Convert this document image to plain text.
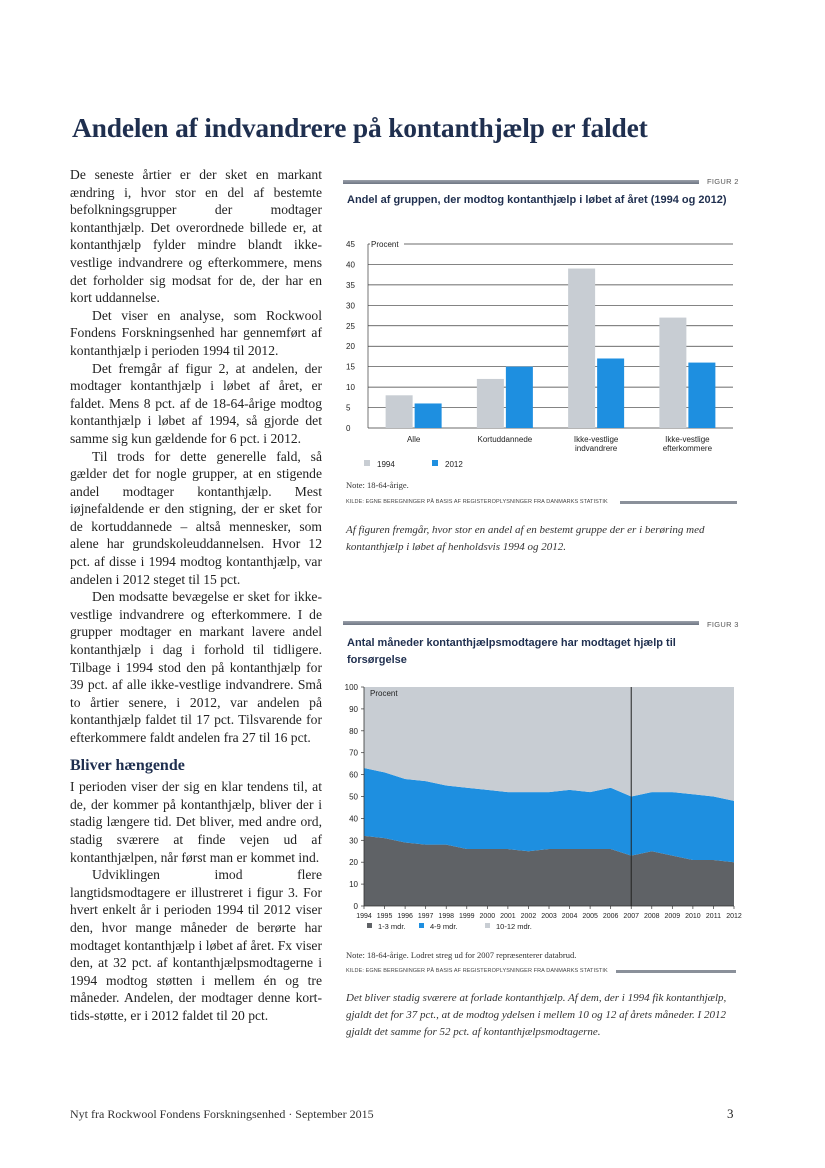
Andelen af indvandrere på kontanthjælp er faldet

De seneste årtier er der sket en markant ændring i, hvor stor en del af bestemte befolkningsgrupper der modtager kontanthjælp. Det overordnede billede er, at kontanthjælp fylder mindre blandt ikke-vestlige indvandrere og efterkommere, mens det forholder sig modsat for de, der har en kort uddannelse.

Det viser en analyse, som Rockwool Fondens Forskningsenhed har gennemført af kontanthjælp i perioden 1994 til 2012.

Det fremgår af figur 2, at andelen, der modtager kontanthjælp i løbet af året, er faldet. Mens 8 pct. af de 18-64-årige modtog kontanthjælp i løbet af 1994, så gjorde det samme sig kun gældende for 6 pct. i 2012.

Til trods for dette generelle fald, så gælder det for nogle grupper, at en stigende andel modtager kontanthjælp. Mest iøjnefaldende er den stigning, der er sket for de kortuddannede – altså mennesker, som alene har grundskoleuddannelsen. Hvor 12 pct. af disse i 1994 modtog kontanthjælp, var andelen i 2012 steget til 15 pct.

Den modsatte bevægelse er sket for ikke-vestlige indvandrere og efterkommere. I de grupper modtager en markant lavere andel kontanthjælp i dag i forhold til tidligere. Tilbage i 1994 stod den på kontanthjælp for 39 pct. af alle ikke-vestlige indvandrere. Små to årtier senere, i 2012, var andelen på kontanthjælp faldet til 17 pct. Tilsvarende for efterkommere faldt andelen fra 27 til 16 pct.

Bliver hængende

I perioden viser der sig en klar tendens til, at de, der kommer på kontanthjælp, bliver der i stadig længere tid. Det bliver, med andre ord, stadig sværere at finde vejen ud af kontanthjælpen, når først man er kommet ind.

Udviklingen imod flere langtidsmodtagere er illustreret i figur 3. For hvert enkelt år i perioden 1994 til 2012 viser den, hvor mange måneder de berørte har modtaget kontanthjælp i løbet af året. Fx viser den, at 32 pct. af kontanthjælpsmodtagerne i 1994 modtog støtten i mellem én og tre måneder. Andelen, der modtager denne kort-tids-støtte, er i 2012 faldet til 20 pct.

FIGUR 2
Andel af gruppen, der modtog kontanthjælp i løbet af året (1994 og 2012)
0
5
10
15
20
25
30
35
40
45 Procent
Alle	Kortuddannede	Ikke-vestlige indvandrere
Ikke-vestlige efterkommere
1994	2012
Note: 18-64-årige.
KILDE: EGNE BEREGNINGER PÅ BASIS AF REGISTEROPLYSNINGER FRA DANMARKS STATISTIK
Af figuren fremgår, hvor stor en andel af en bestemt gruppe der er i berøring med kontanthjælp i løbet af henholdsvis 1994 og 2012.
FIGUR 3
Antal måneder kontanthjælpsmodtagere har modtaget hjælp til forsørgelse
0
10
20
30
40
50
60
70
80
90
100
Procent
1994 1995 1996 1997 1998 1999 2000 2001 2002 2003 2004 2005 2006 2007 2008 2009 2010 2011 2012
1-3 mdr.	4-9 mdr.	10-12 mdr.
Note: 18-64-årige. Lodret streg ud for 2007 repræsenterer databrud.
KILDE: EGNE BEREGNINGER PÅ BASIS AF REGISTEROPLYSNINGER FRA DANMARKS STATISTIK
Det bliver stadig sværere at forlade kontanthjælp. Af dem, der i 1994 fik kontanthjælp, gjaldt det for 37 pct., at de modtog ydelsen i mellem 10 og 12 af årets måneder. I 2012 gjaldt det samme for 52 pct. af kontanthjælpsmodtagerne.
Nyt fra Rockwool Fondens Forskningsenhed · September 2015	3
